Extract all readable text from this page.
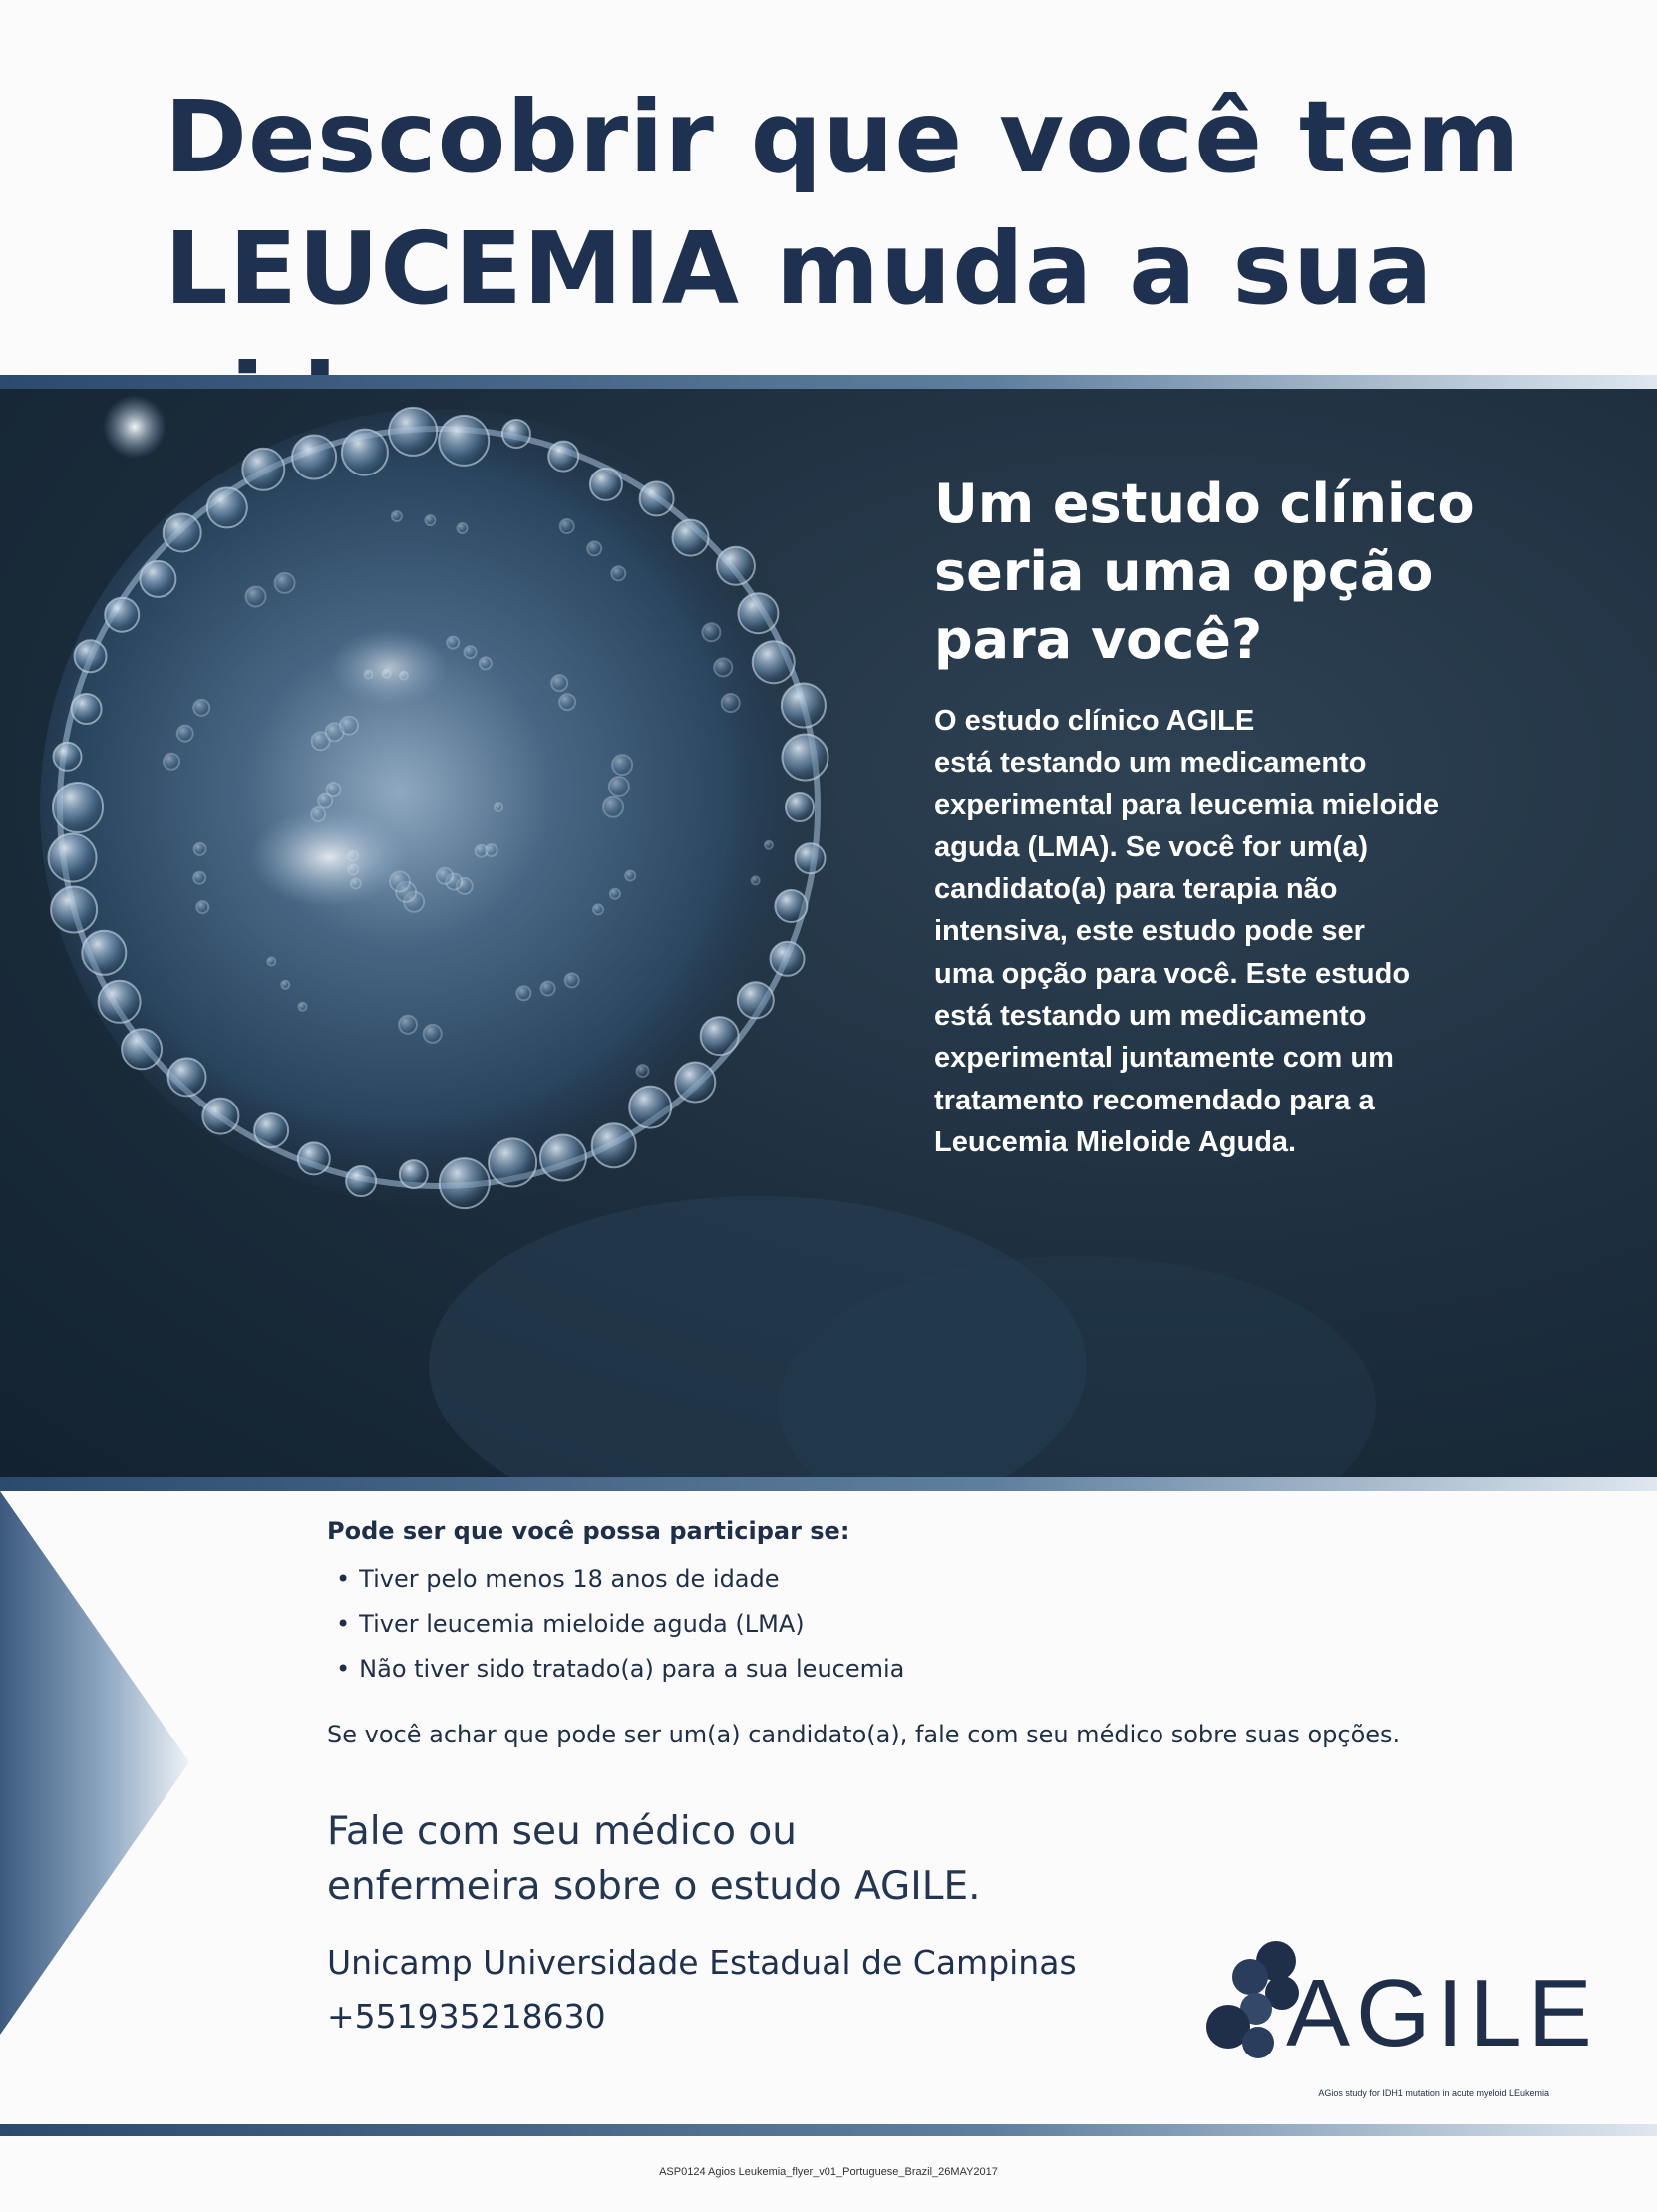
Descobrir que você tem
LEUCEMIA muda a sua
Um estudo clínico
seria uma opção
para você?

O estudo clínico AGILE
está testando um medicamento
experimental para leucemia mieloide
aguda (LMA). Se você for um(a)
candidato(a) para terapia não
intensiva, este estudo pode ser
uma opção para você. Este estudo
está testando um medicamento
experimental juntamente com um
tratamento recomendado para a
Leucemia Mieloide Aguda.

Pode ser que você possa participar se:

• Tiver pelo menos 18 anos de idade
• Tiver leucemia mieloide aguda (LMA)
• Não tiver sido tratado(a) para a sua leucemia

Se você achar que pode ser um(a) candidato(a), fale com seu médico sobre suas opções.

Fale com seu médico ou
enfermeira sobre o estudo AGILE.

Unicamp Universidade Estadual de Campinas
+551935218630	AGILE
AGios study for IDH1 mutation in acute myeloid LEukemia
ASP0124 Agios Leukemia_flyer_v01_Portuguese_Brazil_26MAY2017
